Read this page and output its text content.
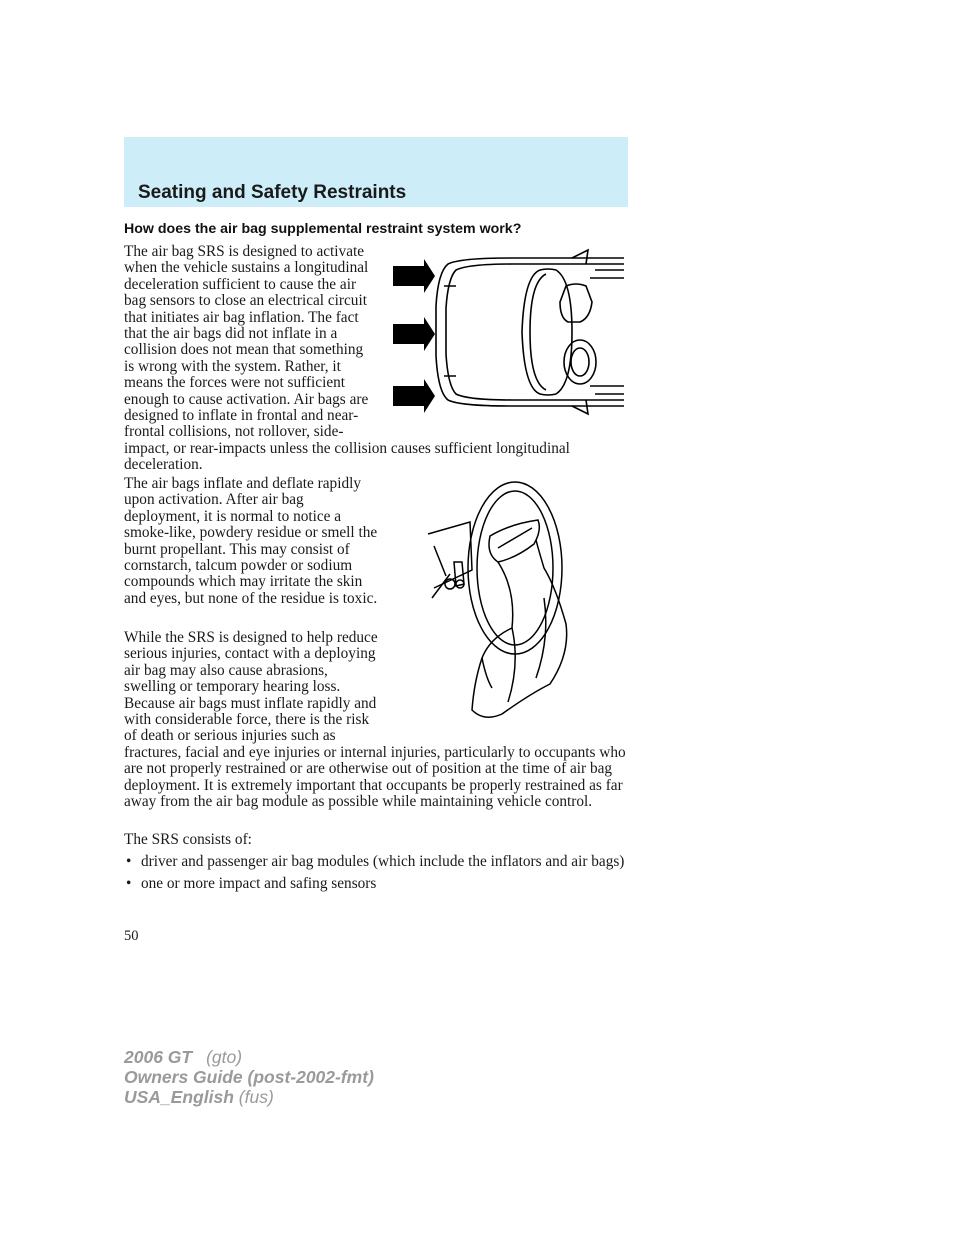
Seating and Safety Restraints
How does the air bag supplemental restraint system work?

The air bag SRS is designed to activate when the vehicle sustains a longitudinal deceleration sufficient to cause the air bag sensors to close an electrical circuit that initiates air bag inflation. The fact that the air bags did not inflate in a collision does not mean that something is wrong with the system. Rather, it means the forces were not sufficient enough to cause activation. Air bags are designed to inflate in frontal and near-frontal collisions, not rollover, side-impact, or rear-impacts unless the collision causes sufficient longitudinal deceleration.

The air bags inflate and deflate rapidly upon activation. After air bag deployment, it is normal to notice a smoke-like, powdery residue or smell the burnt propellant. This may consist of cornstarch, talcum powder or sodium compounds which may irritate the skin and eyes, but none of the residue is toxic.

While the SRS is designed to help reduce serious injuries, contact with a deploying air bag may also cause abrasions, swelling or temporary hearing loss. Because air bags must inflate rapidly and with considerable force, there is the risk of death or serious injuries such as fractures, facial and eye injuries or internal injuries, particularly to occupants who are not properly restrained or are otherwise out of position at the time of air bag deployment. It is extremely important that occupants be properly restrained as far away from the air bag module as possible while maintaining vehicle control.

The SRS consists of:

• driver and passenger air bag modules (which include the inflators and air bags)
• one or more impact and safing sensors
50
2006 GT (gto)
Owners Guide (post-2002-fmt)
USA_English (fus)
